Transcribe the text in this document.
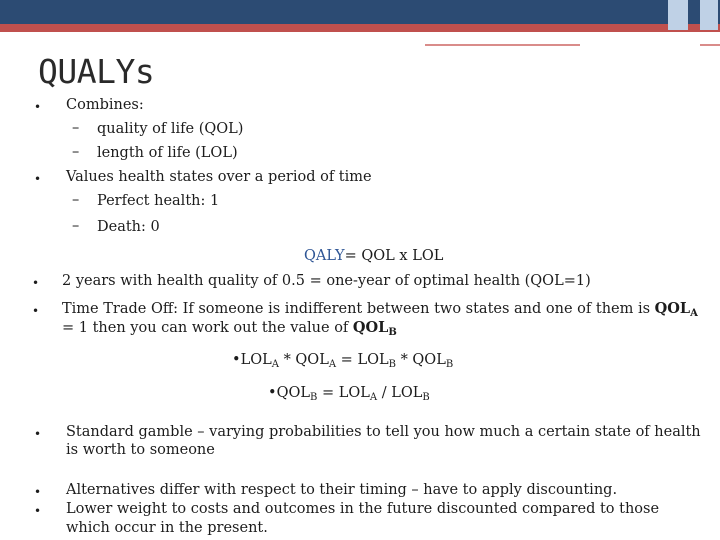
QUALYs
• Combines:
– quality of life (QOL)
– length of life (LOL)
• Values health states over a period of time
– Perfect health: 1
– Death: 0
QALY= QOL x LOL
• 2 years with health quality of 0.5 = one-year of optimal health (QOL=1)
• Time Trade Off: If someone is indifferent between two states and one of them is $QOL_A$
= 1 then you can work out the value of $QOL_B$
$•LOL_A * QOL_A = LOL_B * QOL_B$
$•QOL_B = LOL_A / LOL_B$
• Standard gamble – varying probabilities to tell you how much a certain state of health
is worth to someone
• Alternatives differ with respect to their timing – have to apply discounting.
• Lower weight to costs and outcomes in the future discounted compared to those
which occur in the present.
